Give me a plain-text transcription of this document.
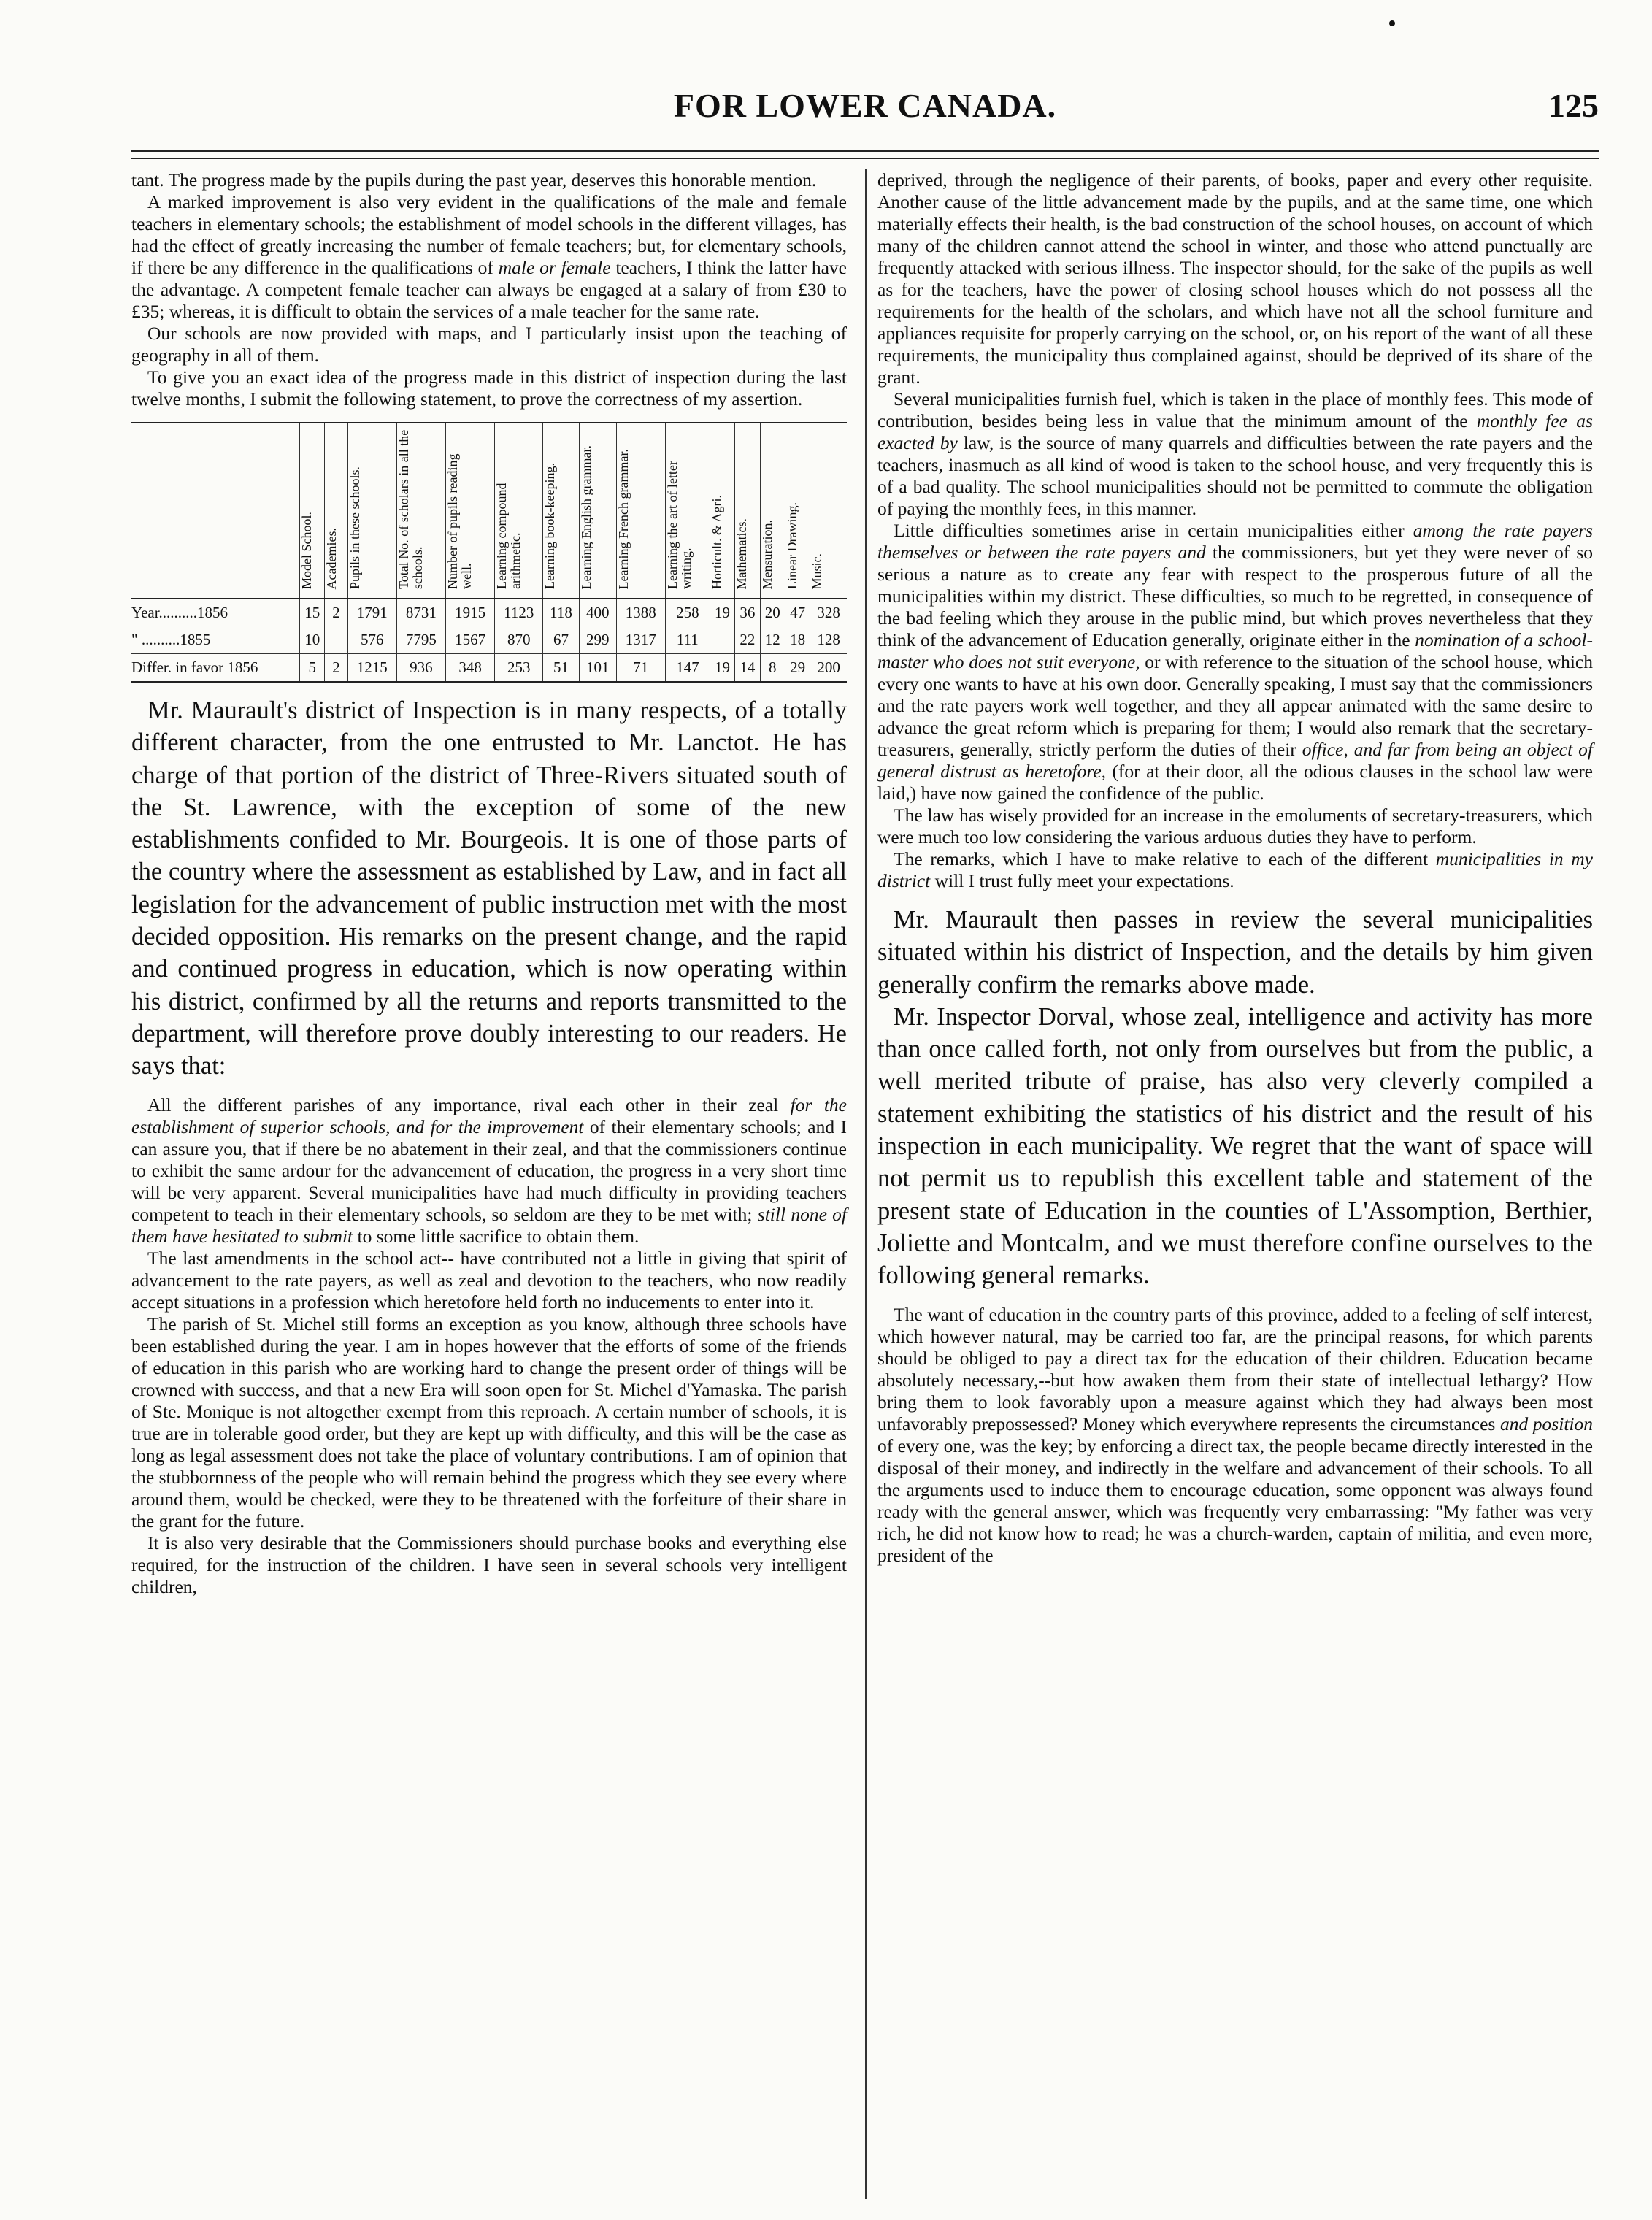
FOR LOWER CANADA.	125

tant. The progress made by the pupils during the past year, deserves this honorable mention.

A marked improvement is also very evident in the qualifications of the male and female teachers in elementary schools; the establishment of model schools in the different villages, has had the effect of greatly increasing the number of female teachers; but, for elementary schools, if there be any difference in the qualifications of male or female teachers, I think the latter have the advantage. A competent female teacher can always be engaged at a salary of from £30 to £35; whereas, it is difficult to obtain the services of a male teacher for the same rate.

Our schools are now provided with maps, and I particularly insist upon the teaching of geography in all of them.

To give you an exact idea of the progress made in this district of inspection during the last twelve months, I submit the following statement, to prove the correctness of my assertion.

	Model School.	Academies.	Pupils in these schools.	Total No. of scholars in all the schools.	Number of pupils reading well.	Learning compound arithmetic.	Learning book-keeping.	Learning English grammar.	Learning French grammar.	Learning the art of letter writing.	Horticult. & Agri.	Mathematics.	Mensuration.	Linear Drawing.	Music.
Year..........1856	15	2	1791	8731	1915	1123	118	400	1388	258	19	36	20	47	328
" ..........1855	10		576	7795	1567	870	67	299	1317	111		22	12	18	128
Differ. in favor 1856	5	2	1215	936	348	253	51	101	71	147	19	14	8	29	200

Mr. Maurault's district of Inspection is in many respects, of a totally different character, from the one entrusted to Mr. Lanctot. He has charge of that portion of the district of Three-Rivers situated south of the St. Lawrence, with the exception of some of the new establishments confided to Mr. Bourgeois. It is one of those parts of the country where the assessment as established by Law, and in fact all legislation for the advancement of public instruction met with the most decided opposition. His remarks on the present change, and the rapid and continued progress in education, which is now operating within his district, confirmed by all the returns and reports transmitted to the department, will therefore prove doubly interesting to our readers. He says that:

All the different parishes of any importance, rival each other in their zeal for the establishment of superior schools, and for the improvement of their elementary schools; and I can assure you, that if there be no abatement in their zeal, and that the commissioners continue to exhibit the same ardour for the advancement of education, the progress in a very short time will be very apparent. Several municipalities have had much difficulty in providing teachers competent to teach in their elementary schools, so seldom are they to be met with; still none of them have hesitated to submit to some little sacrifice to obtain them.

The last amendments in the school act-- have contributed not a little in giving that spirit of advancement to the rate payers, as well as zeal and devotion to the teachers, who now readily accept situations in a profession which heretofore held forth no inducements to enter into it.

The parish of St. Michel still forms an exception as you know, although three schools have been established during the year. I am in hopes however that the efforts of some of the friends of education in this parish who are working hard to change the present order of things will be crowned with success, and that a new Era will soon open for St. Michel d'Yamaska. The parish of Ste. Monique is not altogether exempt from this reproach. A certain number of schools, it is true are in tolerable good order, but they are kept up with difficulty, and this will be the case as long as legal assessment does not take the place of voluntary contributions. I am of opinion that the stubbornness of the people who will remain behind the progress which they see every where around them, would be checked, were they to be threatened with the forfeiture of their share in the grant for the future.

It is also very desirable that the Commissioners should purchase books and everything else required, for the instruction of the children. I have seen in several schools very intelligent children,

deprived, through the negligence of their parents, of books, paper and every other requisite. Another cause of the little advancement made by the pupils, and at the same time, one which materially effects their health, is the bad construction of the school houses, on account of which many of the children cannot attend the school in winter, and those who attend punctually are frequently attacked with serious illness. The inspector should, for the sake of the pupils as well as for the teachers, have the power of closing school houses which do not possess all the requirements for the health of the scholars, and which have not all the school furniture and appliances requisite for properly carrying on the school, or, on his report of the want of all these requirements, the municipality thus complained against, should be deprived of its share of the grant.

Several municipalities furnish fuel, which is taken in the place of monthly fees. This mode of contribution, besides being less in value that the minimum amount of the monthly fee as exacted by law, is the source of many quarrels and difficulties between the rate payers and the teachers, inasmuch as all kind of wood is taken to the school house, and very frequently this is of a bad quality. The school municipalities should not be permitted to commute the obligation of paying the monthly fees, in this manner.

Little difficulties sometimes arise in certain municipalities either among the rate payers themselves or between the rate payers and the commissioners, but yet they were never of so serious a nature as to create any fear with respect to the prosperous future of all the municipalities within my district. These difficulties, so much to be regretted, in consequence of the bad feeling which they arouse in the public mind, but which proves nevertheless that they think of the advancement of Education generally, originate either in the nomination of a school-master who does not suit everyone, or with reference to the situation of the school house, which every one wants to have at his own door. Generally speaking, I must say that the commissioners and the rate payers work well together, and they all appear animated with the same desire to advance the great reform which is preparing for them; I would also remark that the secretary-treasurers, generally, strictly perform the duties of their office, and far from being an object of general distrust as heretofore, (for at their door, all the odious clauses in the school law were laid,) have now gained the confidence of the public.

The law has wisely provided for an increase in the emoluments of secretary-treasurers, which were much too low considering the various arduous duties they have to perform.

The remarks, which I have to make relative to each of the different municipalities in my district will I trust fully meet your expectations.

Mr. Maurault then passes in review the several municipalities situated within his district of Inspection, and the details by him given generally confirm the remarks above made.

Mr. Inspector Dorval, whose zeal, intelligence and activity has more than once called forth, not only from ourselves but from the public, a well merited tribute of praise, has also very cleverly compiled a statement exhibiting the statistics of his district and the result of his inspection in each municipality. We regret that the want of space will not permit us to republish this excellent table and statement of the present state of Education in the counties of L'Assomption, Berthier, Joliette and Montcalm, and we must therefore confine ourselves to the following general remarks.

The want of education in the country parts of this province, added to a feeling of self interest, which however natural, may be carried too far, are the principal reasons, for which parents should be obliged to pay a direct tax for the education of their children. Education became absolutely necessary,--but how awaken them from their state of intellectual lethargy? How bring them to look favorably upon a measure against which they had always been most unfavorably prepossessed? Money which everywhere represents the circumstances and position of every one, was the key; by enforcing a direct tax, the people became directly interested in the disposal of their money, and indirectly in the welfare and advancement of their schools. To all the arguments used to induce them to encourage education, some opponent was always found ready with the general answer, which was frequently very embarrassing: "My father was very rich, he did not know how to read; he was a church-warden, captain of militia, and even more, president of the
